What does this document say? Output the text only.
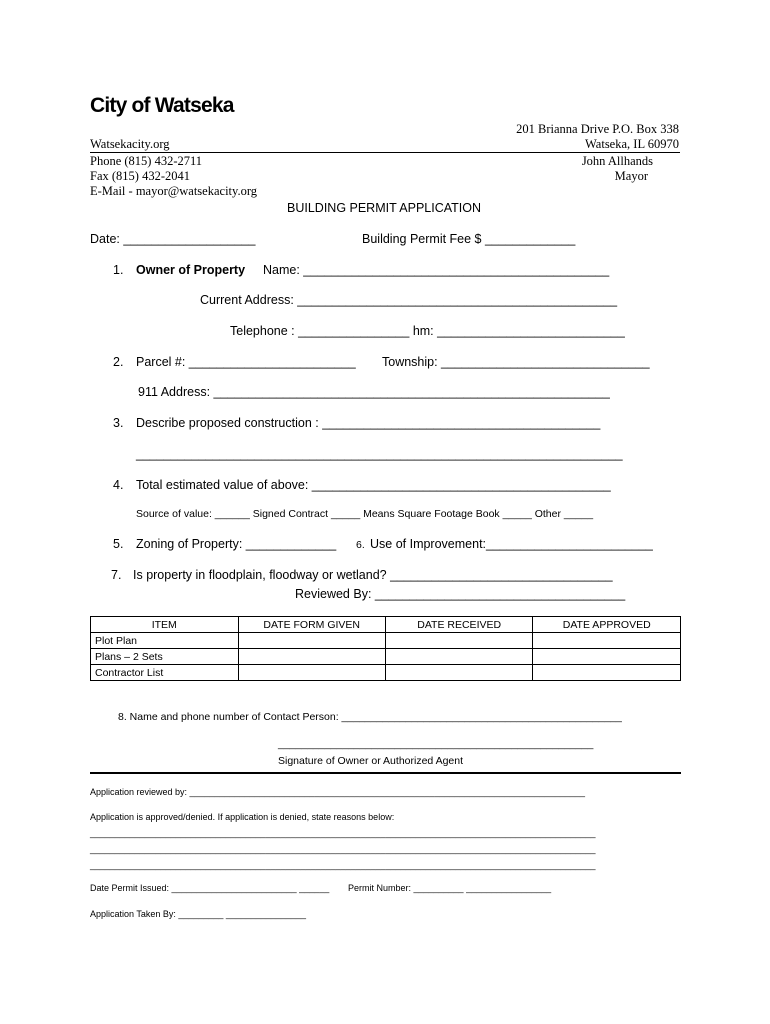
City of Watseka
201 Brianna Drive P.O. Box 338
Watsekacity.org	Watseka, IL 60970
Phone (815) 432-2711	John Allhands
Fax (815) 432-2041	Mayor
E-Mail - mayor@watsekacity.org
BUILDING PERMIT APPLICATION
Date: ___________________	Building Permit Fee $ _____________
1. Owner of Property Name: ____________________________________________
Current Address: ______________________________________________
Telephone : ________________ hm: ___________________________
2. Parcel #: ________________________ Township: ______________________________
911 Address: _________________________________________________________
3. Describe proposed construction : ________________________________________
______________________________________________________________________
4. Total estimated value of above: ___________________________________________
Source of value: ______ Signed Contract _____ Means Square Footage Book _____ Other _____
5. Zoning of Property: _____________ 6. Use of Improvement:________________________
7. Is property in floodplain, floodway or wetland? ________________________________
Reviewed By: ____________________________________
ITEM	DATE FORM GIVEN	DATE RECEIVED	DATE APPROVED
Plot Plan			
Plans – 2 Sets			
Contractor List			
8. Name and phone number of Contact Person: ________________________________________________
______________________________________________________
Signature of Owner or Authorized Agent
Application reviewed by: _______________________________________________________________________________
Application is approved/denied. If application is denied, state reasons below:
_____________________________________________________________________________________________________
_____________________________________________________________________________________________________
_____________________________________________________________________________________________________
Date Permit Issued: _________________________ ______ Permit Number: __________ _________________
Application Taken By: _________ ________________
